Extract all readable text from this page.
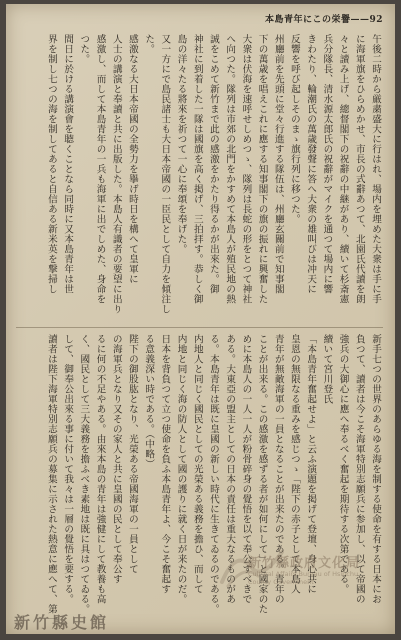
本島青年にこの栄譽——92
午後二時から厳粛盛大に行はれ、場内を埋めた大衆は手に手
に海軍旗をひらめかせ、市長の式辭あつて、北園氏代讀を朗
々と讀み上げ、總督閣下の祝辭の中継があり、續いて杉斎憲
兵分隊長、清水源太郎氏の祝辭がマイクを通つて場内に響
きわたり、輪潮氏の萬歳發聲に答へ大衆の雄叫びは冲天に
反響を呼び起しそのまゝ旗行列に移つた。
州廳前を先頭に堂々行進する隊伍は、州廳玄關前で知事閣
下の萬歳を唱えこれに應する知事閣下の旗の振れに興奮した
大衆は伏海を速呼せしめつゝ、隊列は長蛇の形をとつて神社
へ向つた。隊列は市郊の北門をかすめて本島人が殖民地の熱
誠をこめて新竹まで此の感激をかたり得るかが出來た。御
神社に到着した一隊は國旗を高く掲げ、三拍拝す。恭しく御
島の洋々たる將來を祈つて一心に奉頌を奉げた。
又一方にで島民諸士も大日本帝國の一臣民として自力を傾注し
た。
感激なる大日本帝國の全勢力を擧げ時日を構へて皇軍に
人士の講演と奉讀と共に出版した。本島人有識者の要望に出り
感激し、而して本島青年の一兵も海軍に出でしめた、身命を
つた。
間日に於ける講演會を聴くことなら同時に又本島青年は世
界を制し七つの海を制してあると自信ある新米英を撃掃し
新手七つの世界のあらゆる海を制する使命を有する日本にお
負つて、讀者は今こそ海軍特別志願兵に参加し、以て帝國の
強兵の大御心に應へ奉るべく奮起を期待する次第である。
續いて宮川登氏
「本島青年奮起せよ」と云ふ演題を掲げて登壇、身心共に
皇恩の無限なる重みを感じつゝ「陛下の赤子として本島人
青年が無敵海軍の一員となることが出来たのである。青年の
ことが出来る。この感激を感ずる者が如何にして」と國家のた
めに本島人の一人一人が粉骨碎身の覺悟を以て奉公すべきで
ある。大東亞の盟主としての日本の責任は重大なるものがあ
る。本島青年は既に皇國の新しい時代に生きてゐるのである。
内地人と同じく國民としての光榮ある義務を擔ひ、而して
内地と同じく海の防人として國の護りに就く日が来たのだ。
日本を背負つて立つ使命を負ふ本島青年よ、今こそ奮起す
る意義深い時である。（中略）
陛下の御股肱となり、光榮ある帝國海軍の一員として
の海軍兵となり又その家人と共に皇國の民として奉公す
るに何の不足やある。由來本島の青年は強健にして教養も高
く、國民として三大義務を擔ふべき素地は既に具はつてゐる。
して、御奉公出來る事に付いて我々は一層の覺悟を要する。
讀者は陛下海軍特別志願兵の募集に示された熱意に應へて、第一	新竹縣政府文化局
Cultural Affairs Bureau of Hsinchu
County Government
新竹縣史館
